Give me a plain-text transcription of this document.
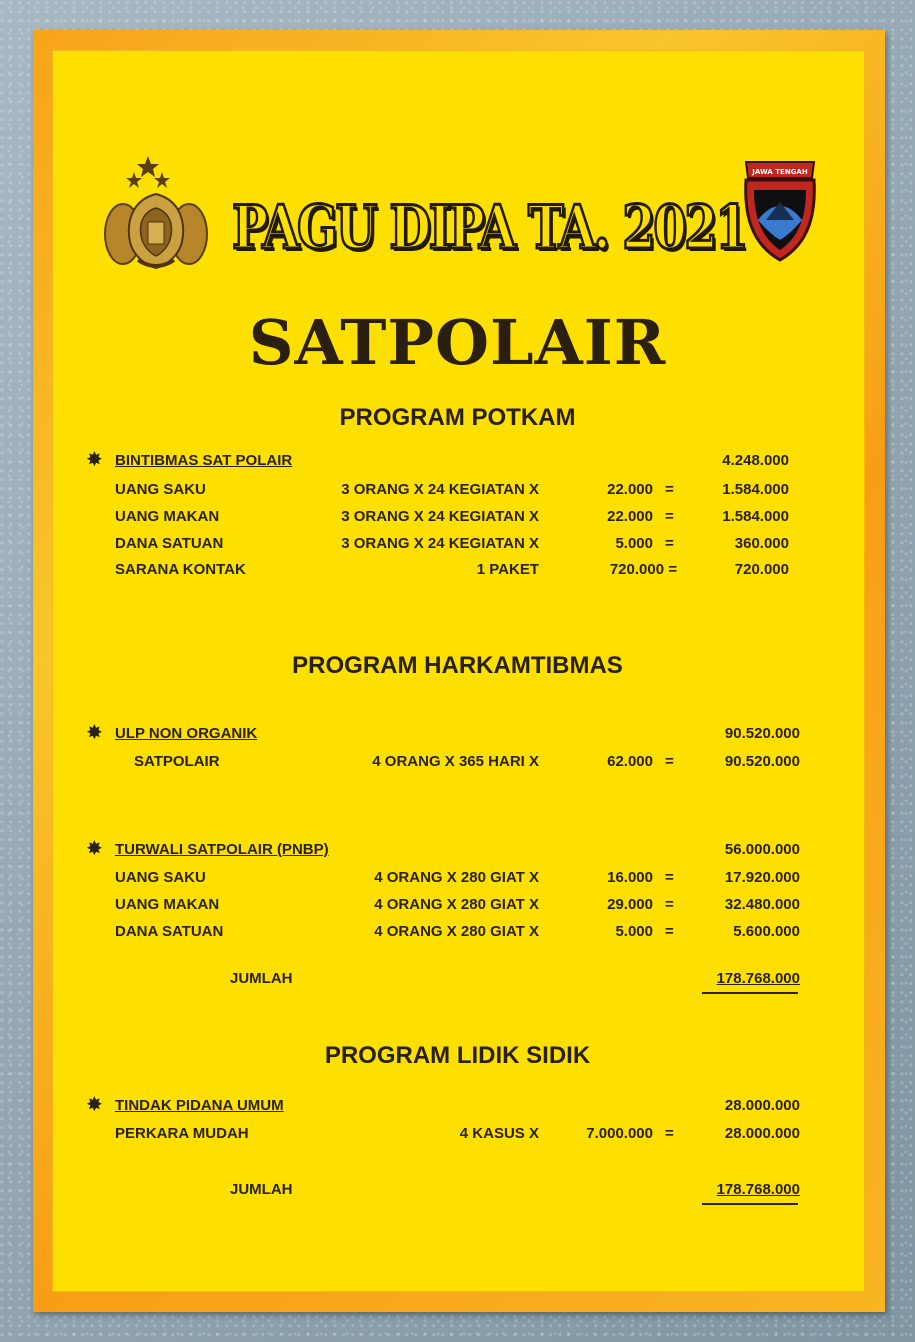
PAGU DIPA TA. 2021
JAWA TENGAH
SATPOLAIR
PROGRAM POTKAM
✸ BINTIBMAS SAT POLAIR	4.248.000
UANG SAKU	3 ORANG X 24 KEGIATAN X	22.000 =	1.584.000
UANG MAKAN	3 ORANG X 24 KEGIATAN X	22.000 =	1.584.000
DANA SATUAN	3 ORANG X 24 KEGIATAN X	5.000 =	360.000
SARANA KONTAK	1 PAKET	720.000 =	720.000
PROGRAM HARKAMTIBMAS
✸ ULP NON ORGANIK	90.520.000
SATPOLAIR	4 ORANG X 365 HARI X	62.000 =	90.520.000
✸ TURWALI SATPOLAIR (PNBP)	56.000.000
UANG SAKU	4 ORANG X 280 GIAT X	16.000 =	17.920.000
UANG MAKAN	4 ORANG X 280 GIAT X	29.000 =	32.480.000
DANA SATUAN	4 ORANG X 280 GIAT X	5.000 =	5.600.000
JUMLAH	178.768.000
PROGRAM LIDIK SIDIK
✸ TINDAK PIDANA UMUM	28.000.000
PERKARA MUDAH	4 KASUS X	7.000.000 =	28.000.000
JUMLAH	178.768.000
